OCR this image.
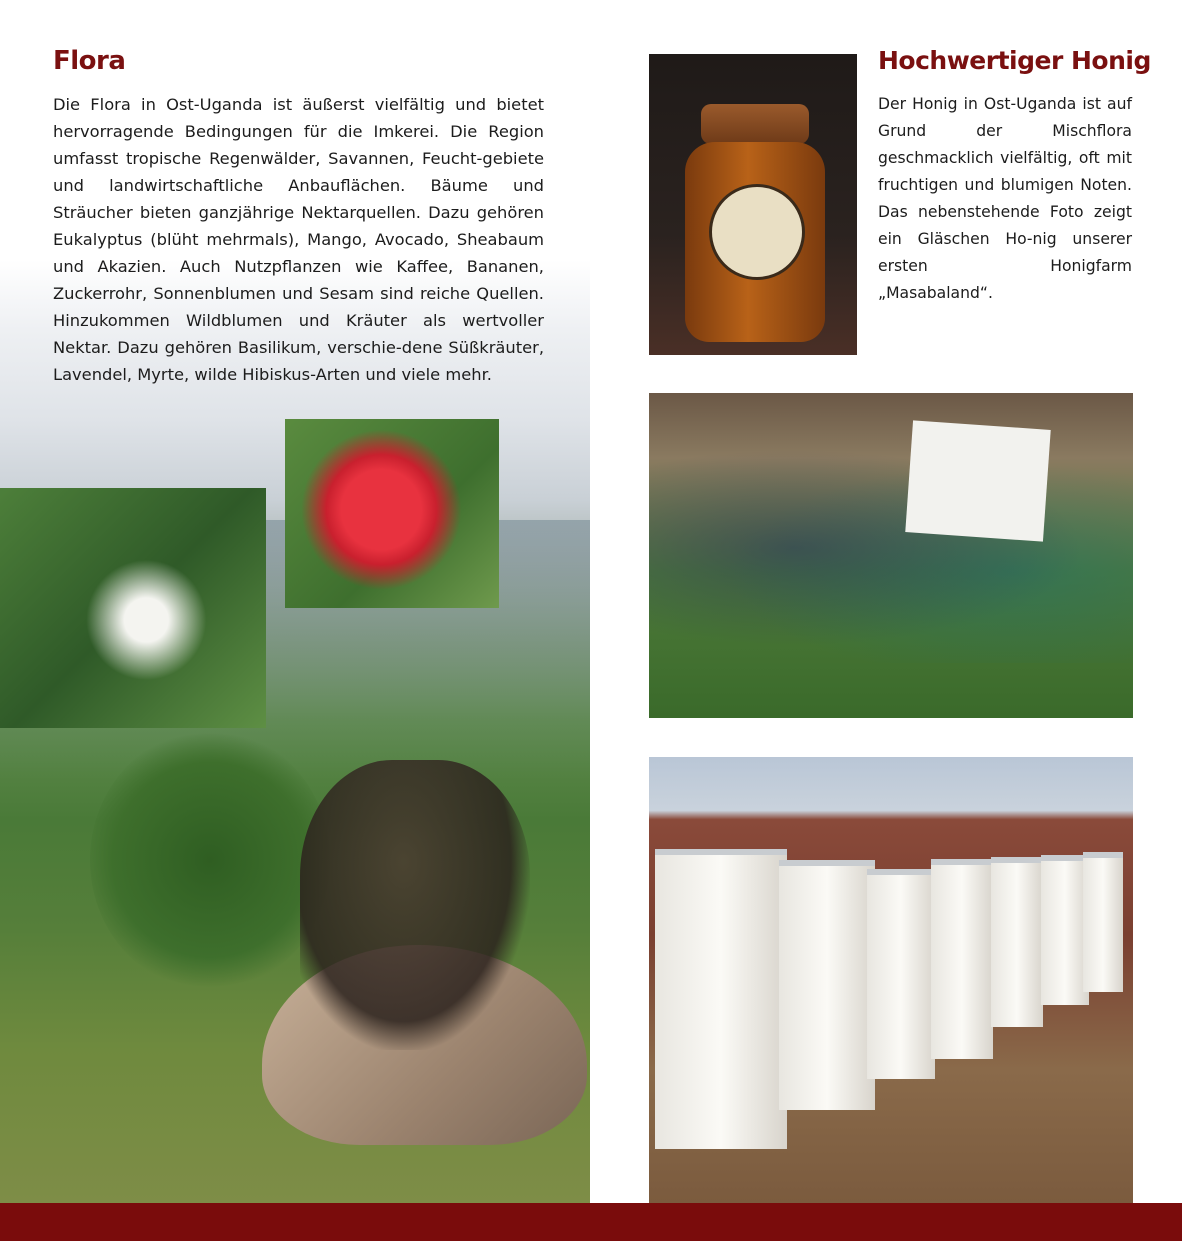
Flora

Die Flora in Ost-Uganda ist äußerst vielfältig und bietet hervorragende Bedingungen für die Imkerei. Die Region umfasst tropische Regenwälder, Savannen, Feucht-gebiete und landwirtschaftliche Anbauflächen. Bäume und Sträucher bieten ganzjährige Nektarquellen. Dazu gehören Eukalyptus (blüht mehrmals), Mango, Avocado, Sheabaum und Akazien. Auch Nutzpflanzen wie Kaffee, Bananen, Zuckerrohr, Sonnenblumen und Sesam sind reiche Quellen. Hinzukommen Wildblumen und Kräuter als wertvoller Nektar. Dazu gehören Basilikum, verschie-dene Süßkräuter, Lavendel, Myrte, wilde Hibiskus-Arten und viele mehr.

Hochwertiger Honig

Der Honig in Ost-Uganda ist auf Grund der Mischflora geschmacklich vielfältig, oft mit fruchtigen und blumigen Noten. Das nebenstehende Foto zeigt ein Gläschen Ho-nig unserer ersten Honigfarm „Masabaland“.
